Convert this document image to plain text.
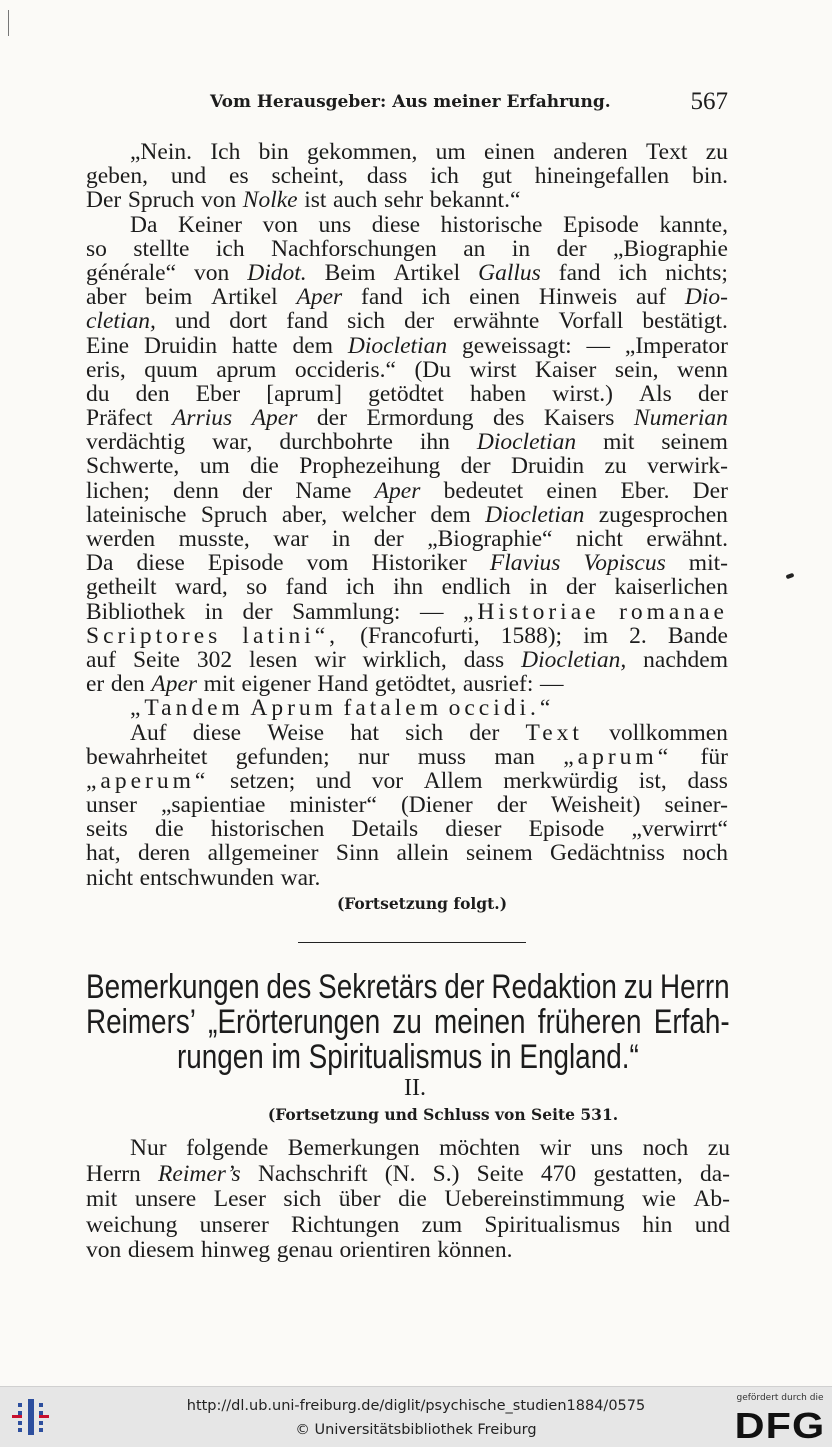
Vom Herausgeber: Aus meiner Erfahrung.	567
„Nein. Ich bin gekommen, um einen anderen Text zu
geben, und es scheint, dass ich gut hineingefallen bin.
Der Spruch von Nolke ist auch sehr bekannt.“
Da Keiner von uns diese historische Episode kannte,
so stellte ich Nachforschungen an in der „Biographie
générale“ von Didot. Beim Artikel Gallus fand ich nichts;
aber beim Artikel Aper fand ich einen Hinweis auf Dio-
cletian, und dort fand sich der erwähnte Vorfall bestätigt.
Eine Druidin hatte dem Diocletian geweissagt: — „Imperator
eris, quum aprum occideris.“ (Du wirst Kaiser sein, wenn
du den Eber [aprum] getödtet haben wirst.) Als der
Präfect Arrius Aper der Ermordung des Kaisers Numerian
verdächtig war, durchbohrte ihn Diocletian mit seinem
Schwerte, um die Prophezeihung der Druidin zu verwirk-
lichen; denn der Name Aper bedeutet einen Eber. Der
lateinische Spruch aber, welcher dem Diocletian zugesprochen
werden musste, war in der „Biographie“ nicht erwähnt.
Da diese Episode vom Historiker Flavius Vopiscus mit-
getheilt ward, so fand ich ihn endlich in der kaiserlichen
Bibliothek in der Sammlung: — „Historiae romanae
Scriptores latini“, (Francofurti, 1588); im 2. Bande
auf Seite 302 lesen wir wirklich, dass Diocletian, nachdem
er den Aper mit eigener Hand getödtet, ausrief: —
„Tandem Aprum fatalem occidi.“
Auf diese Weise hat sich der Text vollkommen
bewahrheitet gefunden; nur muss man „aprum“ für
„aperum“ setzen; und vor Allem merkwürdig ist, dass
unser „sapientiae minister“ (Diener der Weisheit) seiner-
seits die historischen Details dieser Episode „verwirrt“
hat, deren allgemeiner Sinn allein seinem Gedächtniss noch
nicht entschwunden war.
(Fortsetzung folgt.)
Bemerkungen des Sekretärs der Redaktion zu Herrn
Reimers’ „Erörterungen zu meinen früheren Erfah-
rungen im Spiritualismus in England.“
II.
(Fortsetzung und Schluss von Seite 531.
Nur folgende Bemerkungen möchten wir uns noch zu
Herrn Reimer’s Nachschrift (N. S.) Seite 470 gestatten, da-
mit unsere Leser sich über die Uebereinstimmung wie Ab-
weichung unserer Richtungen zum Spiritualismus hin und
von diesem hinweg genau orientiren können.
http://dl.ub.uni-freiburg.de/diglit/psychische_studien1884/0575
© Universitätsbibliothek Freiburg
gefördert durch die
DFG
